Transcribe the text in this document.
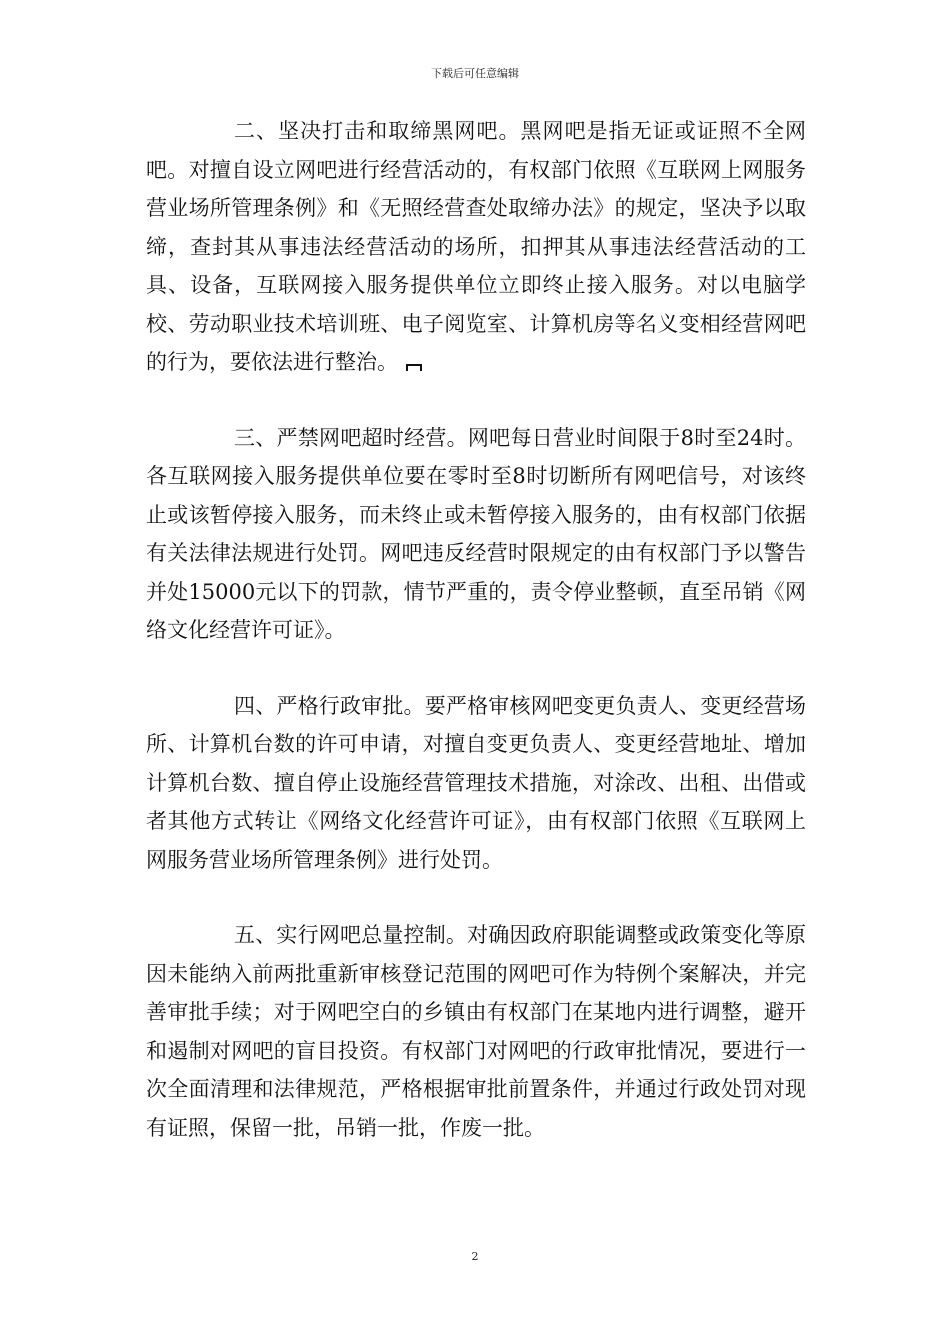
下载后可任意编辑

二、坚决打击和取缔黑网吧。黑网吧是指无证或证照不全网吧。对擅自设立网吧进行经营活动的，有权部门依照《互联网上网服务营业场所管理条例》和《无照经营查处取缔办法》的规定，坚决予以取缔，查封其从事违法经营活动的场所，扣押其从事违法经营活动的工具、设备，互联网接入服务提供单位立即终止接入服务。对以电脑学校、劳动职业技术培训班、电子阅览室、计算机房等名义变相经营网吧的行为，要依法进行整治。

三、严禁网吧超时经营。网吧每日营业时间限于8时至24时。各互联网接入服务提供单位要在零时至8时切断所有网吧信号，对该终止或该暂停接入服务，而未终止或未暂停接入服务的，由有权部门依据有关法律法规进行处罚。网吧违反经营时限规定的由有权部门予以警告并处15000元以下的罚款，情节严重的，责令停业整顿，直至吊销《网络文化经营许可证》。

四、严格行政审批。要严格审核网吧变更负责人、变更经营场所、计算机台数的许可申请，对擅自变更负责人、变更经营地址、增加计算机台数、擅自停止设施经营管理技术措施，对涂改、出租、出借或者其他方式转让《网络文化经营许可证》，由有权部门依照《互联网上网服务营业场所管理条例》进行处罚。

五、实行网吧总量控制。对确因政府职能调整或政策变化等原因未能纳入前两批重新审核登记范围的网吧可作为特例个案解决，并完善审批手续；对于网吧空白的乡镇由有权部门在某地内进行调整，避开和遏制对网吧的盲目投资。有权部门对网吧的行政审批情况，要进行一次全面清理和法律规范，严格根据审批前置条件，并通过行政处罚对现有证照，保留一批，吊销一批，作废一批。

2
